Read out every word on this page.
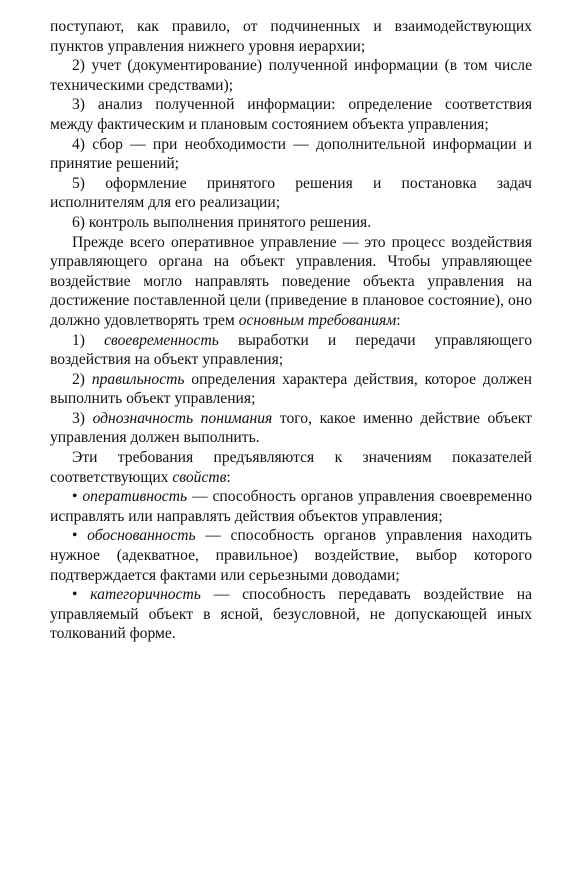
поступают, как правило, от подчиненных и взаимодействующих пунктов управления нижнего уровня иерархии;

2) учет (документирование) полученной информации (в том числе техническими средствами);

3) анализ полученной информации: определение соответствия между фактическим и плановым состоянием объекта управления;

4) сбор — при необходимости — дополнительной информации и принятие решений;

5) оформление принятого решения и постановка задач исполнителям для его реализации;

6) контроль выполнения принятого решения.

Прежде всего оперативное управление — это процесс воздействия управляющего органа на объект управления. Чтобы управляющее воздействие могло направлять поведение объекта управления на достижение поставленной цели (приведение в плановое состояние), оно должно удовлетворять трем основным требованиям:

1) своевременность выработки и передачи управляющего воздействия на объект управления;

2) правильность определения характера действия, которое должен выполнить объект управления;

3) однозначность понимания того, какое именно действие объект управления должен выполнить.

Эти требования предъявляются к значениям показателей соответствующих свойств:

• оперативность — способность органов управления своевременно исправлять или направлять действия объектов управления;

• обоснованность — способность органов управления находить нужное (адекватное, правильное) воздействие, выбор которого подтверждается фактами или серьезными доводами;

• категоричность — способность передавать воздействие на управляемый объект в ясной, безусловной, не допускающей иных толкований форме.
